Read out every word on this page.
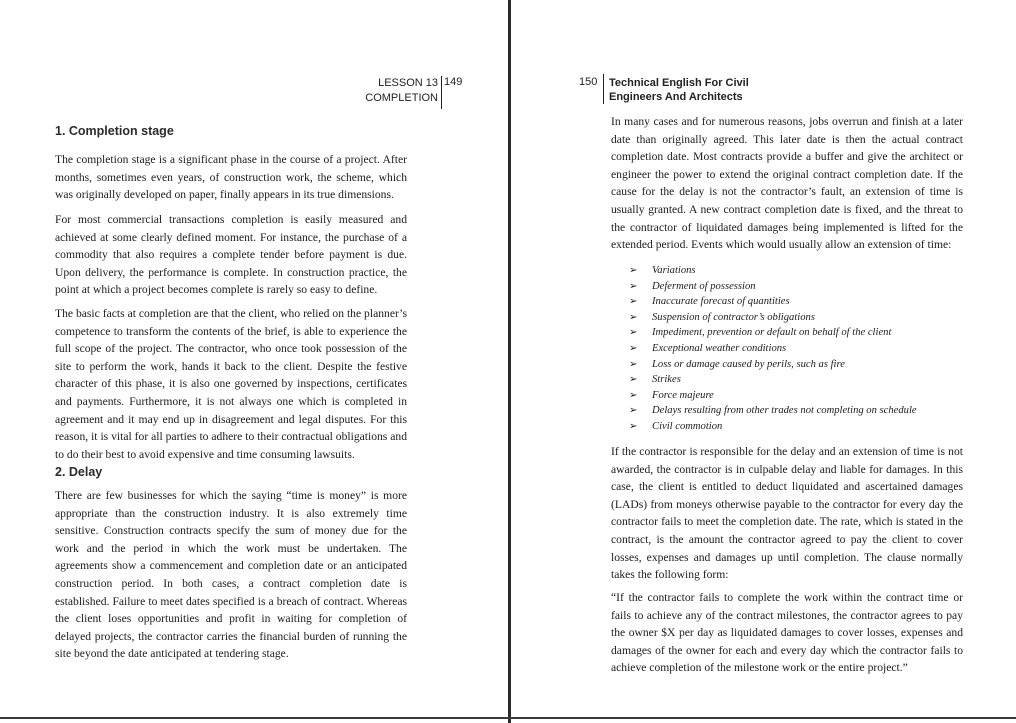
LESSON 13
COMPLETION
149
1. Completion stage

The completion stage is a significant phase in the course of a project. After months, sometimes even years, of construction work, the scheme, which was originally developed on paper, finally appears in its true dimensions.

For most commercial transactions completion is easily measured and achieved at some clearly defined moment. For instance, the purchase of a commodity that also requires a complete tender before payment is due. Upon delivery, the performance is complete. In construction practice, the point at which a project becomes complete is rarely so easy to define.

The basic facts at completion are that the client, who relied on the planner’s competence to transform the contents of the brief, is able to experience the full scope of the project. The contractor, who once took possession of the site to perform the work, hands it back to the client. Despite the festive character of this phase, it is also one governed by inspections, certificates and payments. Furthermore, it is not always one which is completed in agreement and it may end up in disagreement and legal disputes. For this reason, it is vital for all parties to adhere to their contractual obligations and to do their best to avoid expensive and time consuming lawsuits.

2. Delay

There are few businesses for which the saying “time is money” is more appropriate than the construction industry. It is also extremely time sensitive. Construction contracts specify the sum of money due for the work and the period in which the work must be undertaken. The agreements show a commencement and completion date or an anticipated construction period. In both cases, a contract completion date is established. Failure to meet dates specified is a breach of contract. Whereas the client loses opportunities and profit in waiting for completion of delayed projects, the contractor carries the financial burden of running the site beyond the date anticipated at tendering stage.

150 Technical English For Civil
Engineers And Architects

In many cases and for numerous reasons, jobs overrun and finish at a later date than originally agreed. This later date is then the actual contract completion date. Most contracts provide a buffer and give the architect or engineer the power to extend the original contract completion date. If the cause for the delay is not the contractor’s fault, an extension of time is usually granted. A new contract completion date is fixed, and the threat to the contractor of liquidated damages being implemented is lifted for the extended period. Events which would usually allow an extension of time:

➢ Variations
➢ Deferment of possession
➢ Inaccurate forecast of quantities
➢ Suspension of contractor’s obligations
➢ Impediment, prevention or default on behalf of the client
➢ Exceptional weather conditions
➢ Loss or damage caused by perils, such as fire
➢ Strikes
➢ Force majeure
➢ Delays resulting from other trades not completing on schedule
➢ Civil commotion

If the contractor is responsible for the delay and an extension of time is not awarded, the contractor is in culpable delay and liable for damages. In this case, the client is entitled to deduct liquidated and ascertained damages (LADs) from moneys otherwise payable to the contractor for every day the contractor fails to meet the completion date. The rate, which is stated in the contract, is the amount the contractor agreed to pay the client to cover losses, expenses and damages up until completion. The clause normally takes the following form:

“If the contractor fails to complete the work within the contract time or fails to achieve any of the contract milestones, the contractor agrees to pay the owner $X per day as liquidated damages to cover losses, expenses and damages of the owner for each and every day which the contractor fails to achieve completion of the milestone work or the entire project.”
